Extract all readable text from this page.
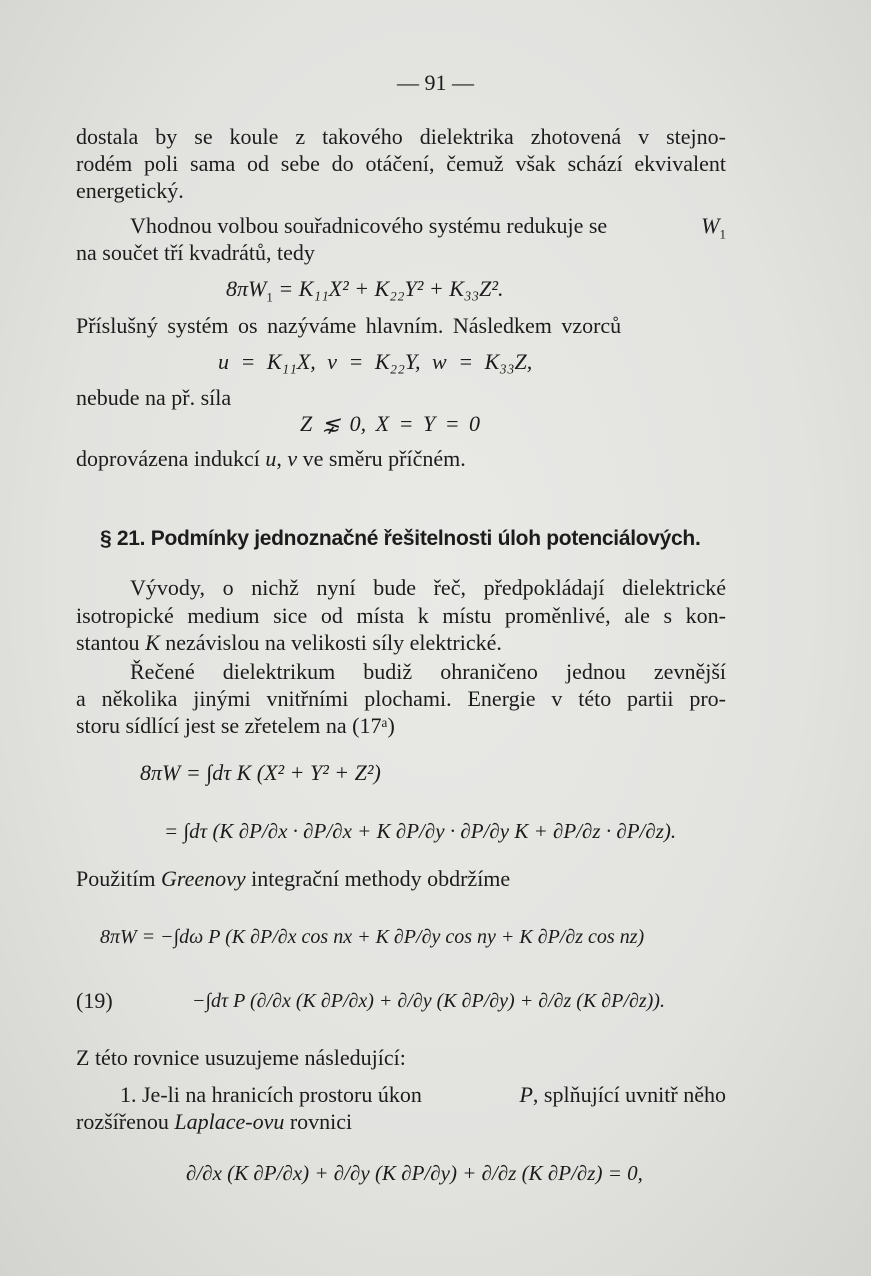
— 91 —
dostala by se koule z takového dielektrika zhotovená v stejno-
rodém poli sama od sebe do otáčení, čemuž však schází ekvivalent
energetický.
Vhodnou volbou souřadnicového systému redukuje se	$W_1$
na součet tří kvadrátů, tedy
$8\pi W_1 = K_{11}X^2 + K_{22}Y^2 + K_{33}Z^2$.
Příslušný systém os nazýváme hlavním. Následkem vzorců
u = K₁₁X, v = K₂₂Y, w = K₃₃Z,
nebude na př. síla
Z ⋦ 0, X = Y = 0
doprovázena indukcí u, v ve směru příčném.
§ 21. Podmínky jednoznačné řešitelnosti úloh potenciálových.
Vývody, o nichž nyní bude řeč, předpokládají dielektrické
isotropické medium sice od místa k místu proměnlivé, ale s kon-
stantou K nezávislou na velikosti síly elektrické.
Řečené dielektrikum budiž ohraničeno jednou zevnější
a několika jinými vnitřními plochami. Energie v této partii pro-
storu sídlící jest se zřetelem na (17ᵃ)
8πW = ∫dτ K (X² + Y² + Z²)
= ∫dτ (K ∂P/∂x · ∂P/∂x + K ∂P/∂y · ∂P/∂y K + ∂P/∂z · ∂P/∂z).
Použitím Greenovy integrační methody obdržíme
8πW = −∫dω P (K ∂P/∂x cos nx + K ∂P/∂y cos ny + K ∂P/∂z cos nz)
(19)	−∫dτ P (∂/∂x (K ∂P/∂x) + ∂/∂y (K ∂P/∂y) + ∂/∂z (K ∂P/∂z)).
Z této rovnice usuzujeme následující:
1. Je-li na hranicích prostoru úkon	P, splňující uvnitř něho
rozšířenou Laplace-ovu rovnici
∂/∂x (K ∂P/∂x) + ∂/∂y (K ∂P/∂y) + ∂/∂z (K ∂P/∂z) = 0,
